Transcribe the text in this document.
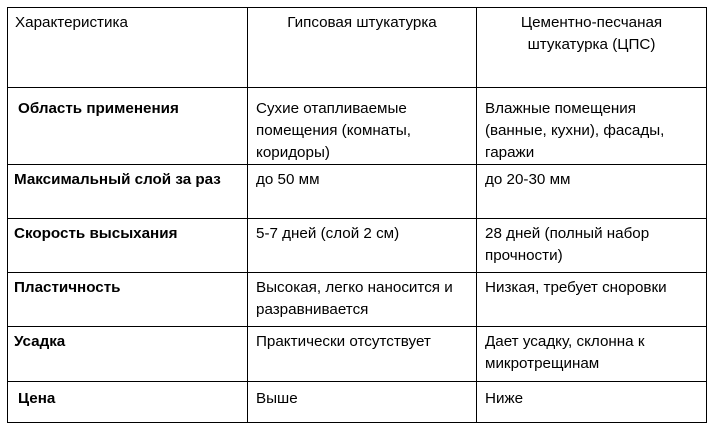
Характеристика	Гипсовая штукатурка	Цементно-песчаная штукатурка (ЦПС)
Область применения	Сухие отапливаемые помещения (комнаты, коридоры)	Влажные помещения (ванные, кухни), фасады, гаражи
Максимальный слой за раз	до 50 мм	до 20-30 мм
Скорость высыхания	5-7 дней (слой 2 см)	28 дней (полный набор прочности)
Пластичность	Высокая, легко наносится и разравнивается	Низкая, требует сноровки
Усадка	Практически отсутствует	Дает усадку, склонна к микротрещинам
Цена	Выше	Ниже
